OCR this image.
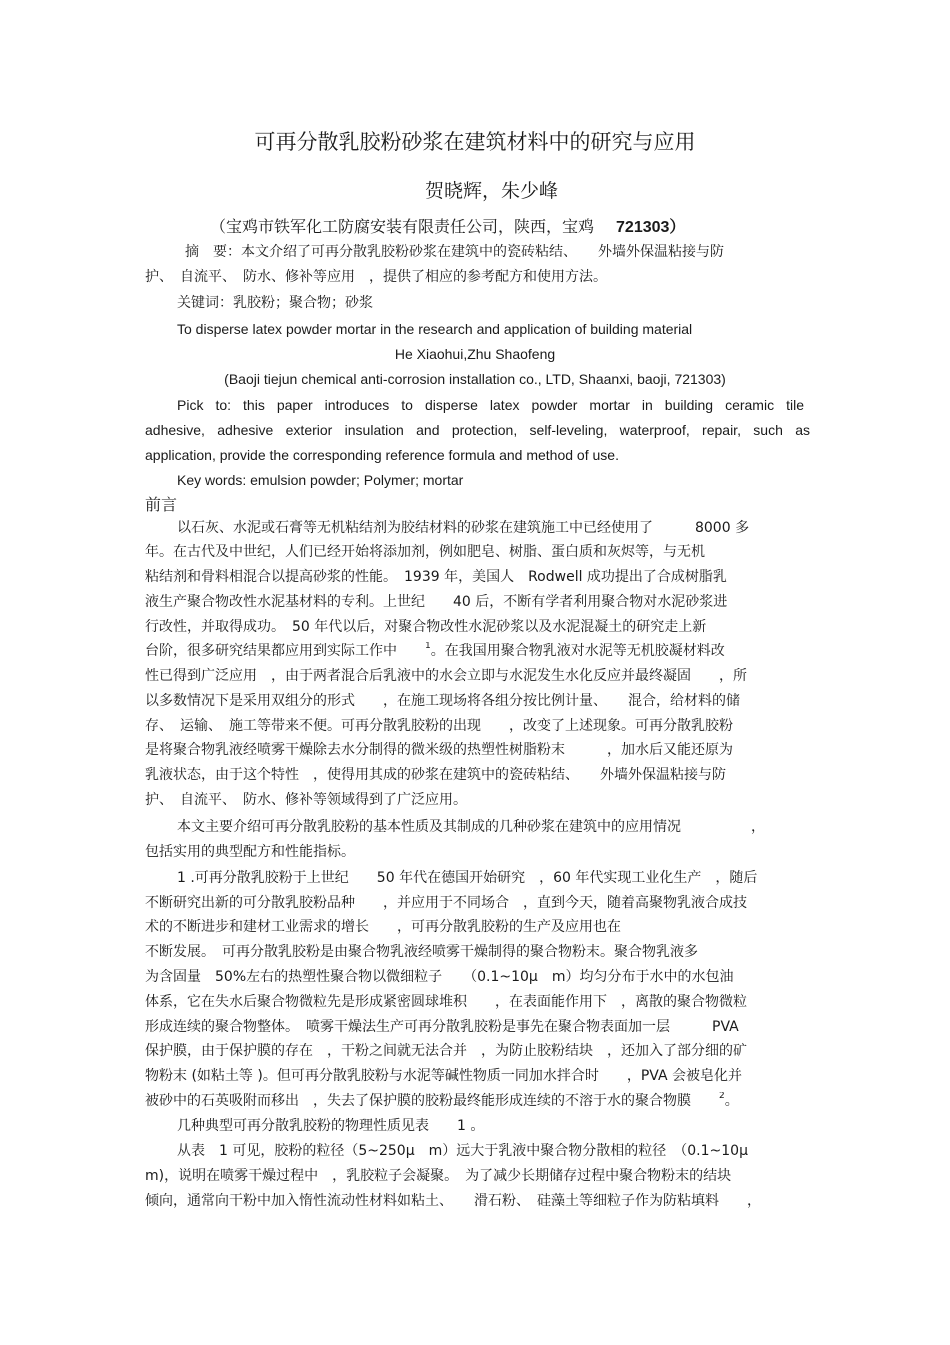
可再分散乳胶粉砂浆在建筑材料中的研究与应用
贺晓辉，朱少峰
（宝鸡市铁军化工防腐安装有限责任公司，陕西，宝鸡 721303）
摘　要：本文介绍了可再分散乳胶粉砂浆在建筑中的瓷砖粘结、　　外墙外保温粘接与防
护、　自流平、　防水、修补等应用　，提供了相应的参考配方和使用方法。
关键词：乳胶粉；聚合物；砂浆
To disperse latex powder mortar in the research and application of building material
He Xiaohui,Zhu Shaofeng
(Baoji tiejun chemical anti-corrosion installation co., LTD, Shaanxi, baoji, 721303)
Pick to: this paper introduces to disperse latex powder mortar in building ceramic tile
adhesive, adhesive exterior insulation and protection, self-leveling, waterproof, repair, such as
application, provide the corresponding reference formula and method of use.
Key words: emulsion powder; Polymer; mortar
前言
以石灰、水泥或石膏等无机粘结剂为胶结材料的砂浆在建筑施工中已经使用了　　　8000 多
年。在古代及中世纪，人们已经开始将添加剂，例如肥皂、树脂、蛋白质和灰烬等，与无机
粘结剂和骨料相混合以提高砂浆的性能。　1939 年，美国人　Rodwell 成功提出了合成树脂乳
液生产聚合物改性水泥基材料的专利。上世纪　　40 后，不断有学者利用聚合物对水泥砂浆进
行改性，并取得成功。　50 年代以后，对聚合物改性水泥砂浆以及水泥混凝土的研究走上新
台阶，很多研究结果都应用到实际工作中　　$^1$。在我国用聚合物乳液对水泥等无机胶凝材料改
性已得到广泛应用　，由于两者混合后乳液中的水会立即与水泥发生水化反应并最终凝固　　，所
以多数情况下是采用双组分的形式　　，在施工现场将各组分按比例计量、　　混合，给材料的储
存、　运输、　施工等带来不便。可再分散乳胶粉的出现　　，改变了上述现象。可再分散乳胶粉
是将聚合物乳液经喷雾干燥除去水分制得的微米级的热塑性树脂粉末　　　，加水后又能还原为
乳液状态，由于这个特性　，使得用其成的砂浆在建筑中的瓷砖粘结、　　外墙外保温粘接与防
护、　自流平、　防水、修补等领域得到了广泛应用。
本文主要介绍可再分散乳胶粉的基本性质及其制成的几种砂浆在建筑中的应用情况　　　　　，
包括实用的典型配方和性能指标。
1 .可再分散乳胶粉于上世纪　　50 年代在德国开始研究　，60 年代实现工业化生产　，随后
不断研究出新的可分散乳胶粉品种　　，并应用于不同场合　，直到今天，随着高聚物乳液合成技
术的不断进步和建材工业需求的增长　　，可再分散乳胶粉的生产及应用也在
不断发展。　可再分散乳胶粉是由聚合物乳液经喷雾干燥制得的聚合物粉末。聚合物乳液多
为含固量　50%左右的热塑性聚合物以微细粒子　　（0.1~10μ　m）均匀分布于水中的水包油
体系，它在失水后聚合物微粒先是形成紧密圆球堆积　　，在表面能作用下　，离散的聚合物微粒
形成连续的聚合物整体。　喷雾干燥法生产可再分散乳胶粉是事先在聚合物表面加一层　　　PVA
保护膜，由于保护膜的存在　，干粉之间就无法合并　，为防止胶粉结块　，还加入了部分细的矿
物粉末 (如粘土等 )。但可再分散乳胶粉与水泥等碱性物质一同加水拌合时　　，PVA 会被皂化并
被砂中的石英吸附而移出　，失去了保护膜的胶粉最终能形成连续的不溶于水的聚合物膜　　$^2$。
几种典型可再分散乳胶粉的物理性质见表　　1 。
从表　1 可见，胶粉的粒径（5~250μ　m）远大于乳液中聚合物分散相的粒径　（0.1~10μ
m)，说明在喷雾干燥过程中　，乳胶粒子会凝聚。　为了减少长期储存过程中聚合物粉末的结块
倾向，通常向干粉中加入惰性流动性材料如粘土、　　滑石粉、　硅藻土等细粒子作为防粘填料　　，
